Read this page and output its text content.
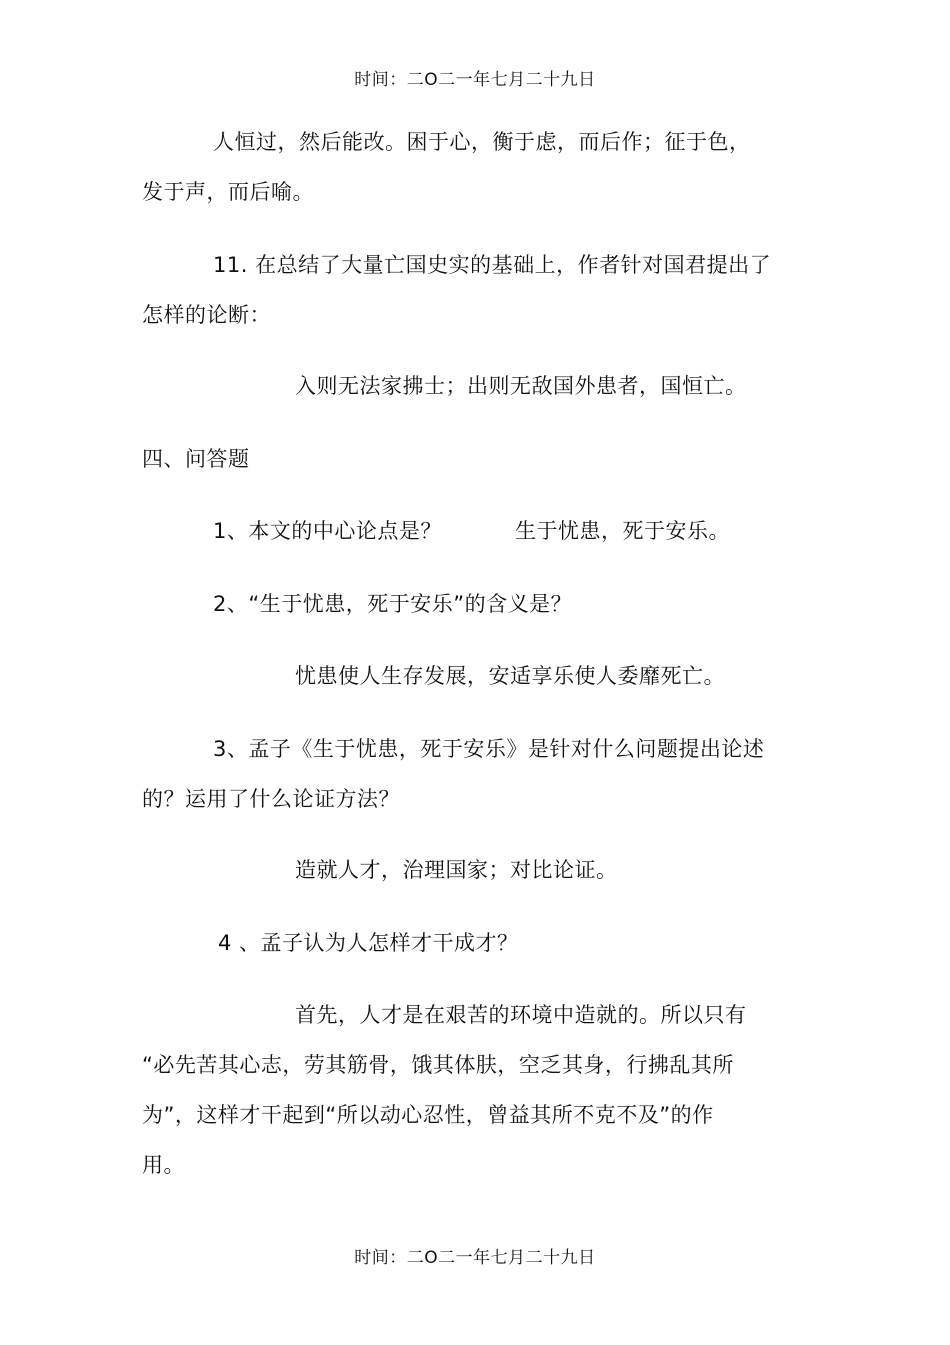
时间：二O二一年七月二十九日
人恒过，然后能改。困于心，衡于虑，而后作；征于色，
发于声，而后喻。
11. 在总结了大量亡国史实的基础上，作者针对国君提出了
怎样的论断：
入则无法家拂士；出则无敌国外患者，国恒亡。
四、问答题
1、本文的中心论点是？	生于忧患，死于安乐。
2、“生于忧患，死于安乐”的含义是？
忧患使人生存发展，安适享乐使人委靡死亡。
3、孟子《生于忧患，死于安乐》是针对什么问题提出论述
的？运用了什么论证方法？
造就人才，治理国家；对比论证。
4 、孟子认为人怎样才干成才？
首先，人才是在艰苦的环境中造就的。所以只有
“必先苦其心志，劳其筋骨，饿其体肤，空乏其身，行拂乱其所
为”，这样才干起到“所以动心忍性，曾益其所不克不及”的作
用。
时间：二O二一年七月二十九日
